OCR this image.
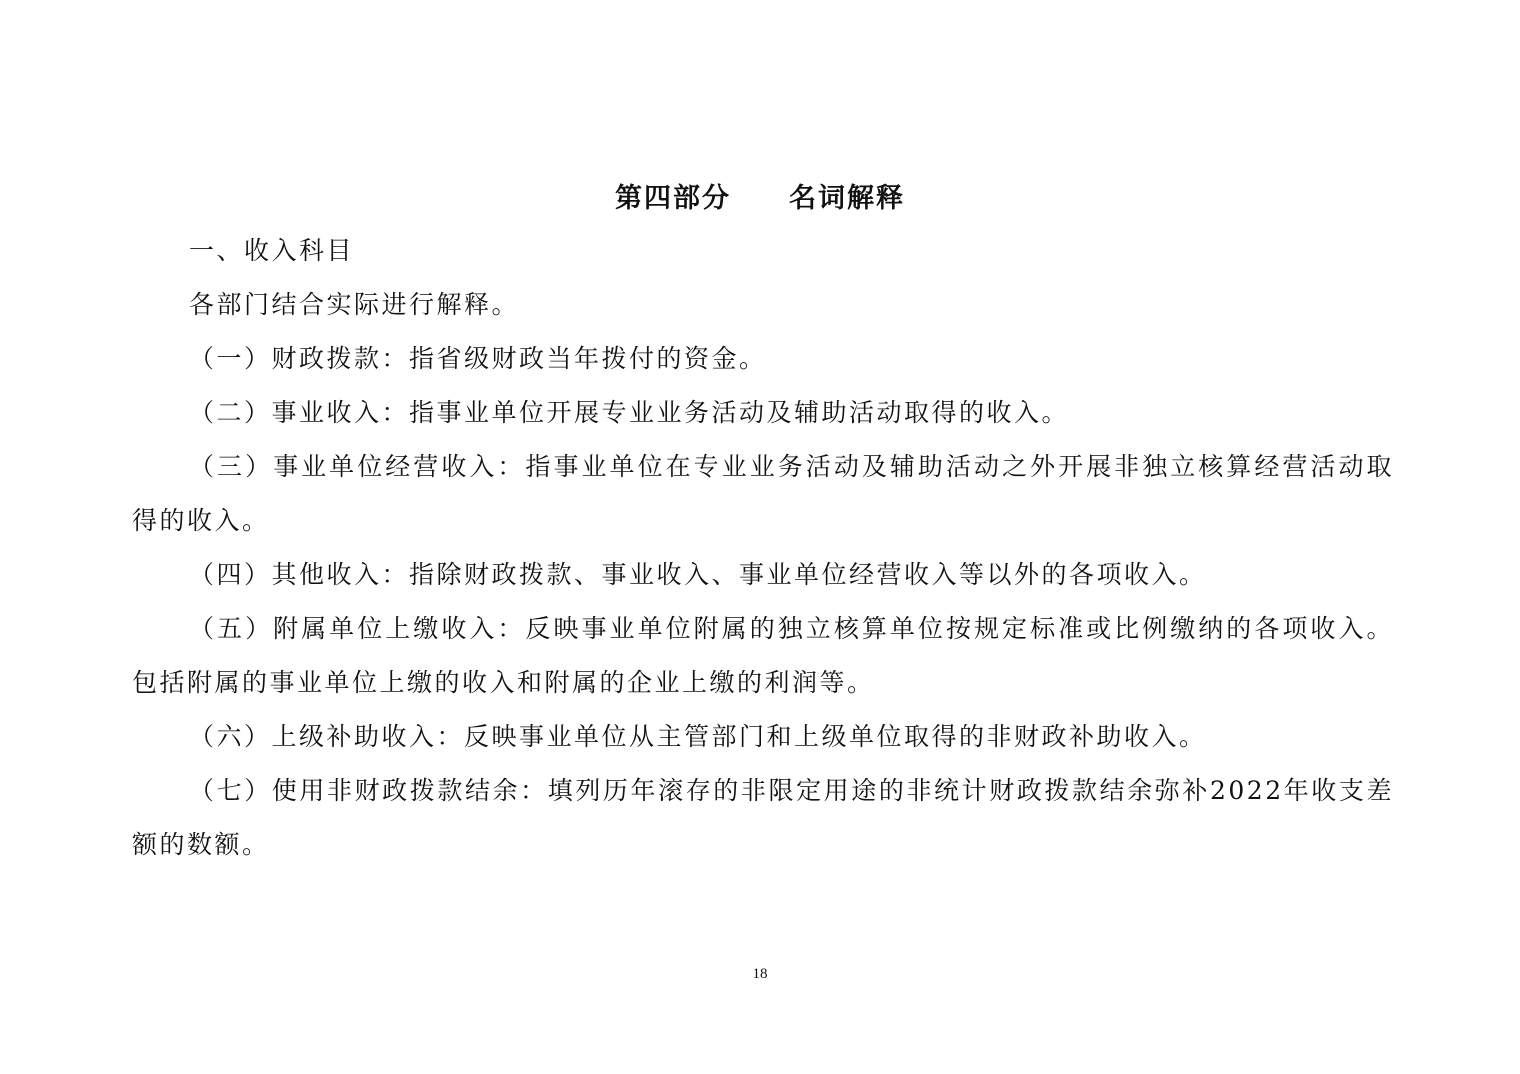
第四部分　　名词解释

一、收入科目

各部门结合实际进行解释。

（一）财政拨款：指省级财政当年拨付的资金。

（二）事业收入：指事业单位开展专业业务活动及辅助活动取得的收入。

（三）事业单位经营收入：指事业单位在专业业务活动及辅助活动之外开展非独立核算经营活动取得的收入。

（四）其他收入：指除财政拨款、事业收入、事业单位经营收入等以外的各项收入。

（五）附属单位上缴收入：反映事业单位附属的独立核算单位按规定标准或比例缴纳的各项收入。包括附属的事业单位上缴的收入和附属的企业上缴的利润等。

（六）上级补助收入：反映事业单位从主管部门和上级单位取得的非财政补助收入。

（七）使用非财政拨款结余：填列历年滚存的非限定用途的非统计财政拨款结余弥补2022年收支差额的数额。

18
